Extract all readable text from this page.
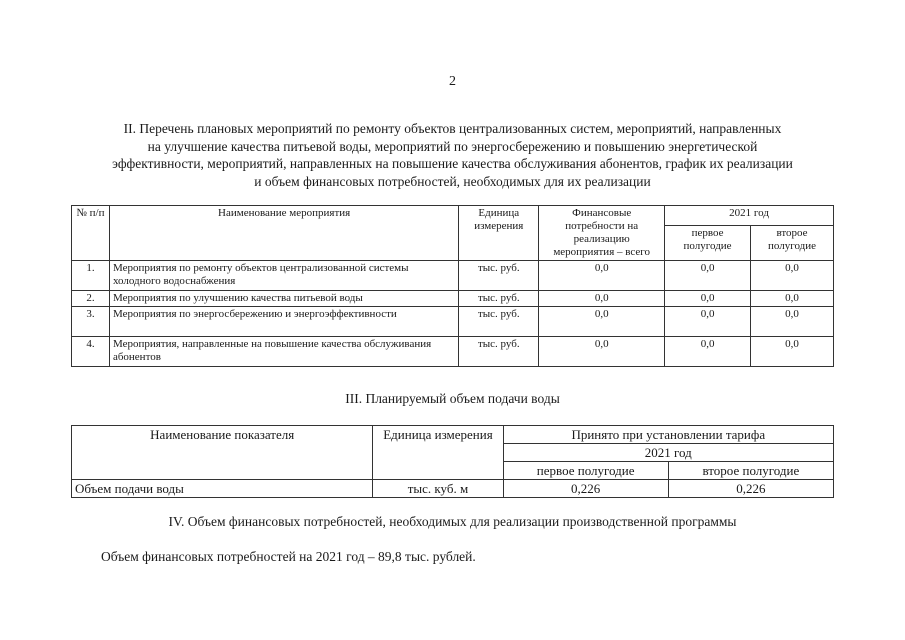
2
II. Перечень плановых мероприятий по ремонту объектов централизованных систем, мероприятий, направленных
на улучшение качества питьевой воды, мероприятий по энергосбережению и повышению энергетической
эффективности, мероприятий, направленных на повышение качества обслуживания абонентов, график их реализации
и объем финансовых потребностей, необходимых для их реализации
№ п/п	Наименование мероприятия	Единица измерения	Финансовые потребности на реализацию мероприятия – всего	2021 год	
				первое полугодие	второе полугодие
1.	Мероприятия по ремонту объектов централизованной системы холодного водоснабжения	тыс. руб.	0,0	0,0	0,0
2.	Мероприятия по улучшению качества питьевой воды	тыс. руб.	0,0	0,0	0,0
3.	Мероприятия по энергосбережению и энергоэффективности	тыс. руб.	0,0	0,0	0,0
4.	Мероприятия, направленные на повышение качества обслуживания абонентов	тыс. руб.	0,0	0,0	0,0
III. Планируемый объем подачи воды
Наименование показателя	Единица измерения	Принято при установлении тарифа	
		2021 год	
		первое полугодие	второе полугодие
Объем подачи воды	тыс. куб. м	0,226	0,226
IV. Объем финансовых потребностей, необходимых для реализации производственной программы
Объем финансовых потребностей на 2021 год – 89,8 тыс. рублей.
